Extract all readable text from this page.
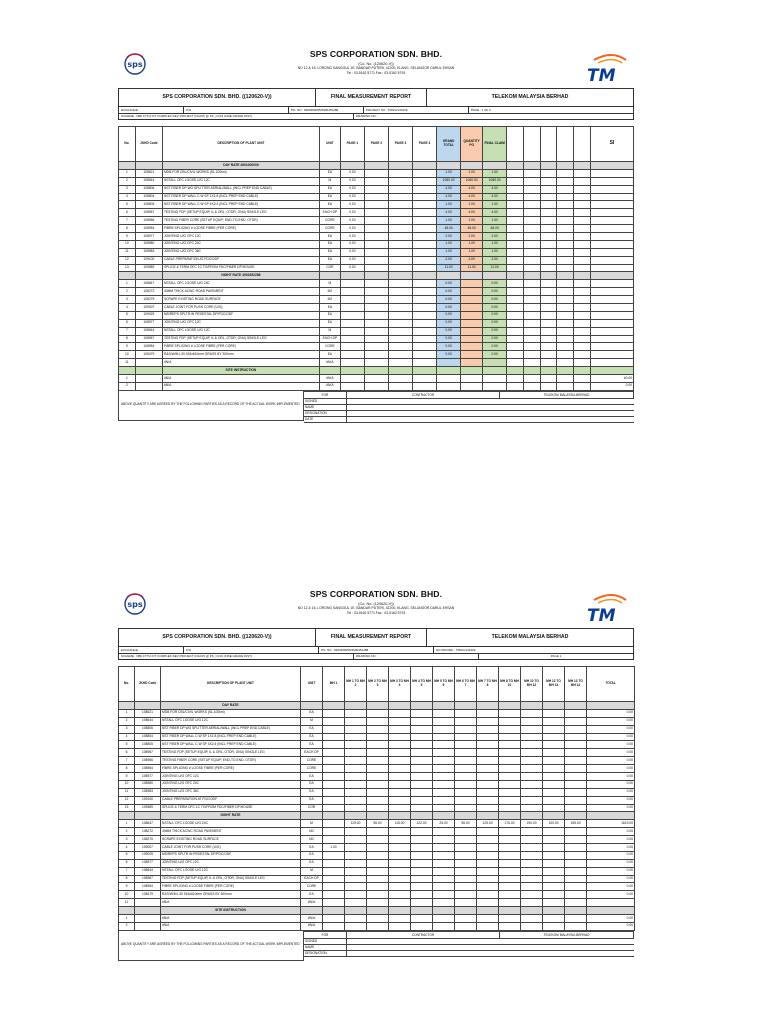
sps
SPS CORPORATION SDN. BHD.
(Co. No. (120620-V))
NO 12 & 16, LORONG SANGGUL 1E, BANDAR PUTERI, 41200, KLANG, SELANGOR DARUL EHSAN
Tel : 03-5162 5771 Fax : 03-5162 5793	TM
SPS CORPORATION SDN. BHD. ((120620-V))	FINAL MEASUREMENT REPORT	TELEKOM MALAYSIA BERHAD
EXCHANGE :	P/O	PO. NO : 6900369055/3900451288	PROJECT NO : TMNG/140109	PAGE : 1 OF 2
SCHEME : NBF FTTH KIT COMPLEX DEV PROJECT (NGCP) @ PK_CC01 (FINE GRADE DIST)	DRAWING NO :
No.	JKHD Code	DESCRIPTION OF PLANT UNIT	UNIT	PAGE 1	PAGE 2	PAGE 3	PAGE 4	GRAND TOTAL	QUANTITY PO	FINAL CLAIM						SI
		DAY RATE 4901000000														
1	108621	MDB FOR CBL/CIVIL WORKS (51-100km)	EA	0.00				1.00	1.00	1.00						
2	108644	NSTALL OFC LOOSE U/G 12C	M	0.00				1080.00	1080.00	1080.00						
3	108806	NST FIBER DP WO SPLITTER AERIAL/WALL (INCL PREP END CABLE)	EA	0.00				4.00	4.00	4.00						
4	108804	NST FIBER DP WALL C.W SP 1X1:8 (INCL PREP END CABLE)	EA	0.00				4.00	4.00	4.00						
5	108805	NST FIBER DP WALL C.W SP 4X2:4 (INCL PREP END CABLE)	EA	0.00				1.00	1.00	1.00						
6	108967	TESTING FDP (SETUP EQUIP, IL & ORL, OTDR, ONU) SINGLE LEG	EACH DP	0.00				4.00	4.00	4.00						
7	108966	TESTING FIBER CORE (SETUP EQUIP, END-TO-END, OTDR)	CORE	0.00				1.00	1.00	1.00						
8	108954	FIBRE SPLICING # LOOSE FIBRE (PER CORE)	CORE	0.00				48.00	48.00	48.00						
9	108977	JOINTING U/G OFC 12C	EA	0.00				2.00	2.00	2.00						
10	108980	JOINTING U/G OFC 24C	EA	0.00				1.00	1.00	1.00						
11	108983	JOINTING U/G OFC 36C	EA	0.00				1.00	1.00	1.00						
12	109100	CABLE PREPARATION AT FDC/ODF	EA	0.00				2.00	2.00	2.00						
13	109589	SPLICE & TERM OFC 1C TO/FROM FDC/FIBER DP/HOUSE	COR	0.00				11.00	11.00	11.00						
		NIGHT RATE 4901652288														
1	108647	NSTALL OFC LOOSE U/G 24C	M					0.00		0.00						
2	108272	40MM THICK ACWC ROAD PAVEMENT	M2					0.00		0.00						
3	108275	SCRAPE EXISTING ROAD SURFACE	M2					0.00		0.00						
4	109007	CABLE JOINT FOR PUSH CORE (U/G)	EA					0.00		0.00						
5	109025	MS/REPS SPLTR IN PEDESTAL DP/FDC/ODF	EA					0.00		0.00						
6	108977	JOINTING U/G OFC 12C	EA					0.00		0.00						
7	108644	NSTALL OFC LOOSE U/G 12C	M					0.00		0.00						
8	108967	TESTING FDP (SETUP EQUIP, IL & ORL, OTDR, ONU) SINGLE LEG	EACH DP					0.00		0.00						
9	108954	FIBRE SPLICING # LOOSE FIBRE (PER CORE)	CORE					0.00		0.00						
10	108479	R&S/W/M L30 915x610mm GRASS BY 300mm	EA					0.00		0.00						
11		#N/A	#N/A													
		SITE INSTRUCTION														
1		#N/A	#N/A													#0.00
2		#N/A	#N/A													0.00
ABOVE QUANTITY ARE AGREED BY THE FOLLOWING PARTIES AS A RECORD OF THE ACTUAL WORK IMPLEMENTED
FOR	CONTRACTOR	TELEKOM MALAYSIA BERHAD
SIGNED
NAME
DESIGNATION
DATE
sps
SPS CORPORATION SDN. BHD.
(Co. No. (120620-V))
NO 12 & 16, LORONG SANGGUL 1E, BANDAR PUTERI, 41200, KLANG, SELANGOR DARUL EHSAN
Tel : 03-5162 5771 Fax : 03-5162 5793	TM
SPS CORPORATION SDN. BHD. ((120620-V))	FINAL MEASUREMENT REPORT	TELEKOM MALAYSIA BERHAD
EXCHANGE :	P/O	PO. NO : 6900369055/3900451288	NO PROJEK : TMNG/140109
SCHEME : NBF FTTH KIT COMPLEX DEV PROJECT (NGCP) @ PK_CC01 (FINE GRADE DIST)	DRAWING NO :	PAGE 1
No.	JKHD Code	DESCRIPTION OF PLANT UNIT	UNIT	MH 1	MH 1 TO MH 2	MH 2 TO MH 3	MH 3 TO MH 4	MH 4 TO MH 5	MH 5 TO MH 6	MH 6 TO MH 7	MH 7 TO MH 8	MH 8 TO MH 10	MH 10 TO MH 12	MH 12 TO MH 13	MH 13 TO MH 14	TOTAL
		DAY RATE														
1	108621	MDB FOR CBL/CIVIL WORKS (51-100km)	EA													0.00
2	108644	NSTALL OFC LOOSE U/G 12C	M													0.00
3	108806	NST FIBER DP WO SPLITTER AERIAL/WALL (INCL PREP END CABLE)	EA													0.00
4	108804	NST FIBER DP WALL C.W SP 1X1:8 (INCL PREP END CABLE)	EA													0.00
5	108805	NST FIBER DP WALL C.W SP 4X2:4 (INCL PREP END CABLE)	EA													0.00
6	108967	TESTING FDP (SETUP EQUIP, IL & ORL, OTDR, ONU) SINGLE LEG	EACH DP													0.00
7	108966	TESTING FIBER CORE (SETUP EQUIP, END-TO-END, OTDR)	CORE													0.00
8	108954	FIBRE SPLICING # LOOSE FIBRE (PER CORE)	CORE													0.00
9	108977	JOINTING U/G OFC 12C	EA													0.00
10	108980	JOINTING U/G OFC 24C	EA													0.00
11	108983	JOINTING U/G OFC 36C	EA													0.00
12	109100	CABLE PREPARATION AT FDC/ODF	EA													0.00
13	109589	SPLICE & TERM OFC 1C TO/FROM FDC/FIBER DP/HOUSE	COR													0.00
		NIGHT RATE														
1	108647	NSTALL OFC LOOSE U/G 24C	M		119.00	96.00	115.00	122.00	25.00	96.00	125.00	176.00	190.00	100.00	155.00	1619.00
2	108272	40MM THICK ACWC ROAD PAVEMENT	M2													0.00
3	108275	SCRAPE EXISTING ROAD SURFACE	M2													0.00
4	109007	CABLE JOINT FOR PUSH CORE (U/G)	EA	1.00												0.00
5	109025	MS/REPS SPLTR IN PEDESTAL DP/FDC/ODF	EA													0.00
6	108977	JOINTING U/G OFC 12C	EA													0.00
7	108644	NSTALL OFC LOOSE U/G 12C	M													0.00
8	108967	TESTING FDP (SETUP EQUIP, IL & ORL, OTDR, ONU) SINGLE LEG	EACH DP													0.00
9	108954	FIBRE SPLICING # LOOSE FIBRE (PER CORE)	CORE													0.00
10	108479	R&S/W/M L30 915x610mm GRASS BY 300mm	EA													0.00
11		#N/A	#N/A													
		SITE INSTRUCTION														
1		#N/A	#N/A													0.00
2		#N/A	#N/A													0.00
ABOVE QUANTITY ARE AGREED BY THE FOLLOWING PARTIES AS A RECORD OF THE ACTUAL WORK IMPLEMENTED
FOR	CONTRACTOR	TELEKOM MALAYSIA BERHAD
SIGNED
NAME
DESIGNATION
